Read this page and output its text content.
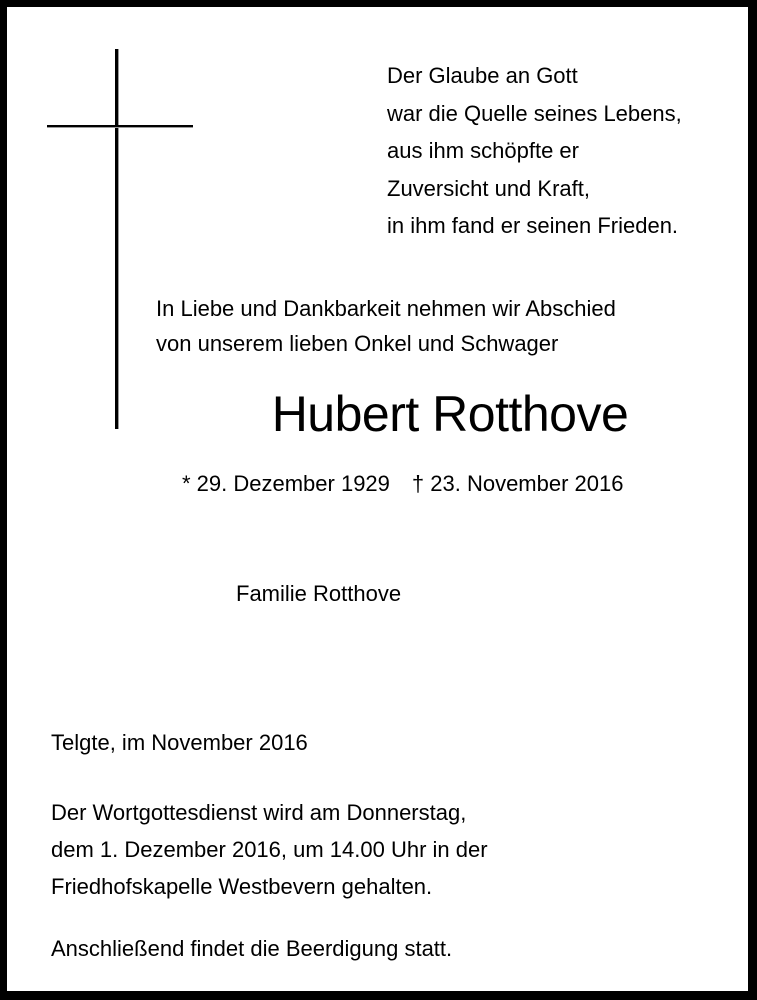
Der Glaube an Gott
war die Quelle seines Lebens,
aus ihm schöpfte er
Zuversicht und Kraft,
in ihm fand er seinen Frieden.
In Liebe und Dankbarkeit nehmen wir Abschied
von unserem lieben Onkel und Schwager
Hubert Rotthove
* 29. Dezember 1929 † 23. November 2016
Familie Rotthove
Telgte, im November 2016
Der Wortgottesdienst wird am Donnerstag,
dem 1. Dezember 2016, um 14.00 Uhr in der
Friedhofskapelle Westbevern gehalten.
Anschließend findet die Beerdigung statt.
